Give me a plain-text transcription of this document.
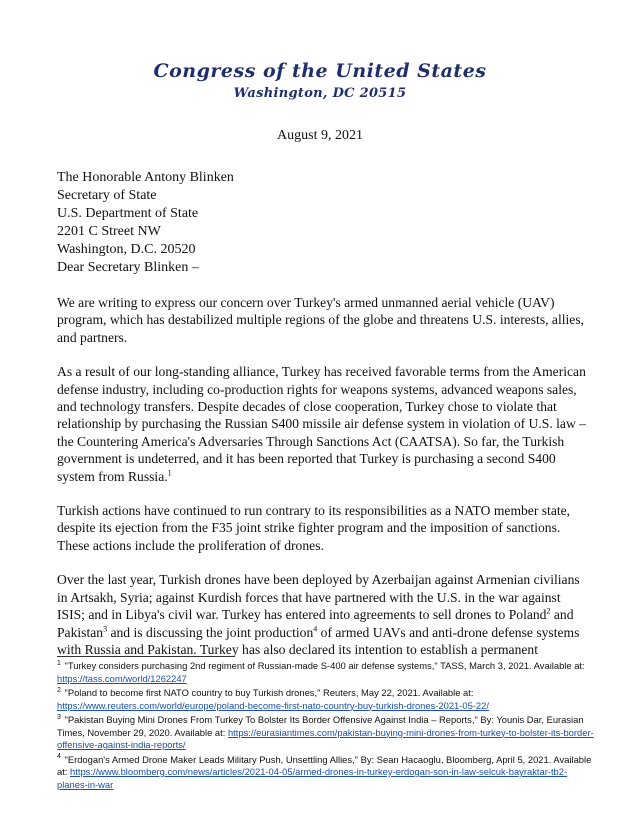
Congress of the United States
Washington, DC 20515
August 9, 2021
The Honorable Antony Blinken
Secretary of State
U.S. Department of State
2201 C Street NW
Washington, D.C. 20520
Dear Secretary Blinken –

We are writing to express our concern over Turkey's armed unmanned aerial vehicle (UAV) program, which has destabilized multiple regions of the globe and threatens U.S. interests, allies, and partners.

As a result of our long-standing alliance, Turkey has received favorable terms from the American defense industry, including co-production rights for weapons systems, advanced weapons sales, and technology transfers. Despite decades of close cooperation, Turkey chose to violate that relationship by purchasing the Russian S400 missile air defense system in violation of U.S. law – the Countering America's Adversaries Through Sanctions Act (CAATSA). So far, the Turkish government is undeterred, and it has been reported that Turkey is purchasing a second S400 system from Russia.$^1$

Turkish actions have continued to run contrary to its responsibilities as a NATO member state, despite its ejection from the F35 joint strike fighter program and the imposition of sanctions. These actions include the proliferation of drones.

Over the last year, Turkish drones have been deployed by Azerbaijan against Armenian civilians in Artsakh, Syria; against Kurdish forces that have partnered with the U.S. in the war against ISIS; and in Libya's civil war. Turkey has entered into agreements to sell drones to Poland$^2$ and Pakistan$^3$ and is discussing the joint production$^4$ of armed UAVs and anti-drone defense systems with Russia and Pakistan. Turkey has also declared its intention to establish a permanent

$^1$ "Turkey considers purchasing 2nd regiment of Russian-made S-400 air defense systems," TASS, March 3, 2021. Available at: https://tass.com/world/1262247
$^2$ "Poland to become first NATO country to buy Turkish drones," Reuters, May 22, 2021. Available at: https://www.reuters.com/world/europe/poland-become-first-nato-country-buy-turkish-drones-2021-05-22/
$^3$ "Pakistan Buying Mini Drones From Turkey To Bolster Its Border Offensive Against India – Reports," By: Younis Dar, Eurasian Times, November 29, 2020. Available at: https://eurasiantimes.com/pakistan-buying-mini-drones-from-turkey-to-bolster-its-border-offensive-against-india-reports/
$^4$ "Erdogan's Armed Drone Maker Leads Military Push, Unsettling Allies," By: Sean Hacaoglu, Bloomberg, April 5, 2021. Available at: https://www.bloomberg.com/news/articles/2021-04-05/armed-drones-in-turkey-erdogan-son-in-law-selcuk-bayraktar-tb2-planes-in-war
